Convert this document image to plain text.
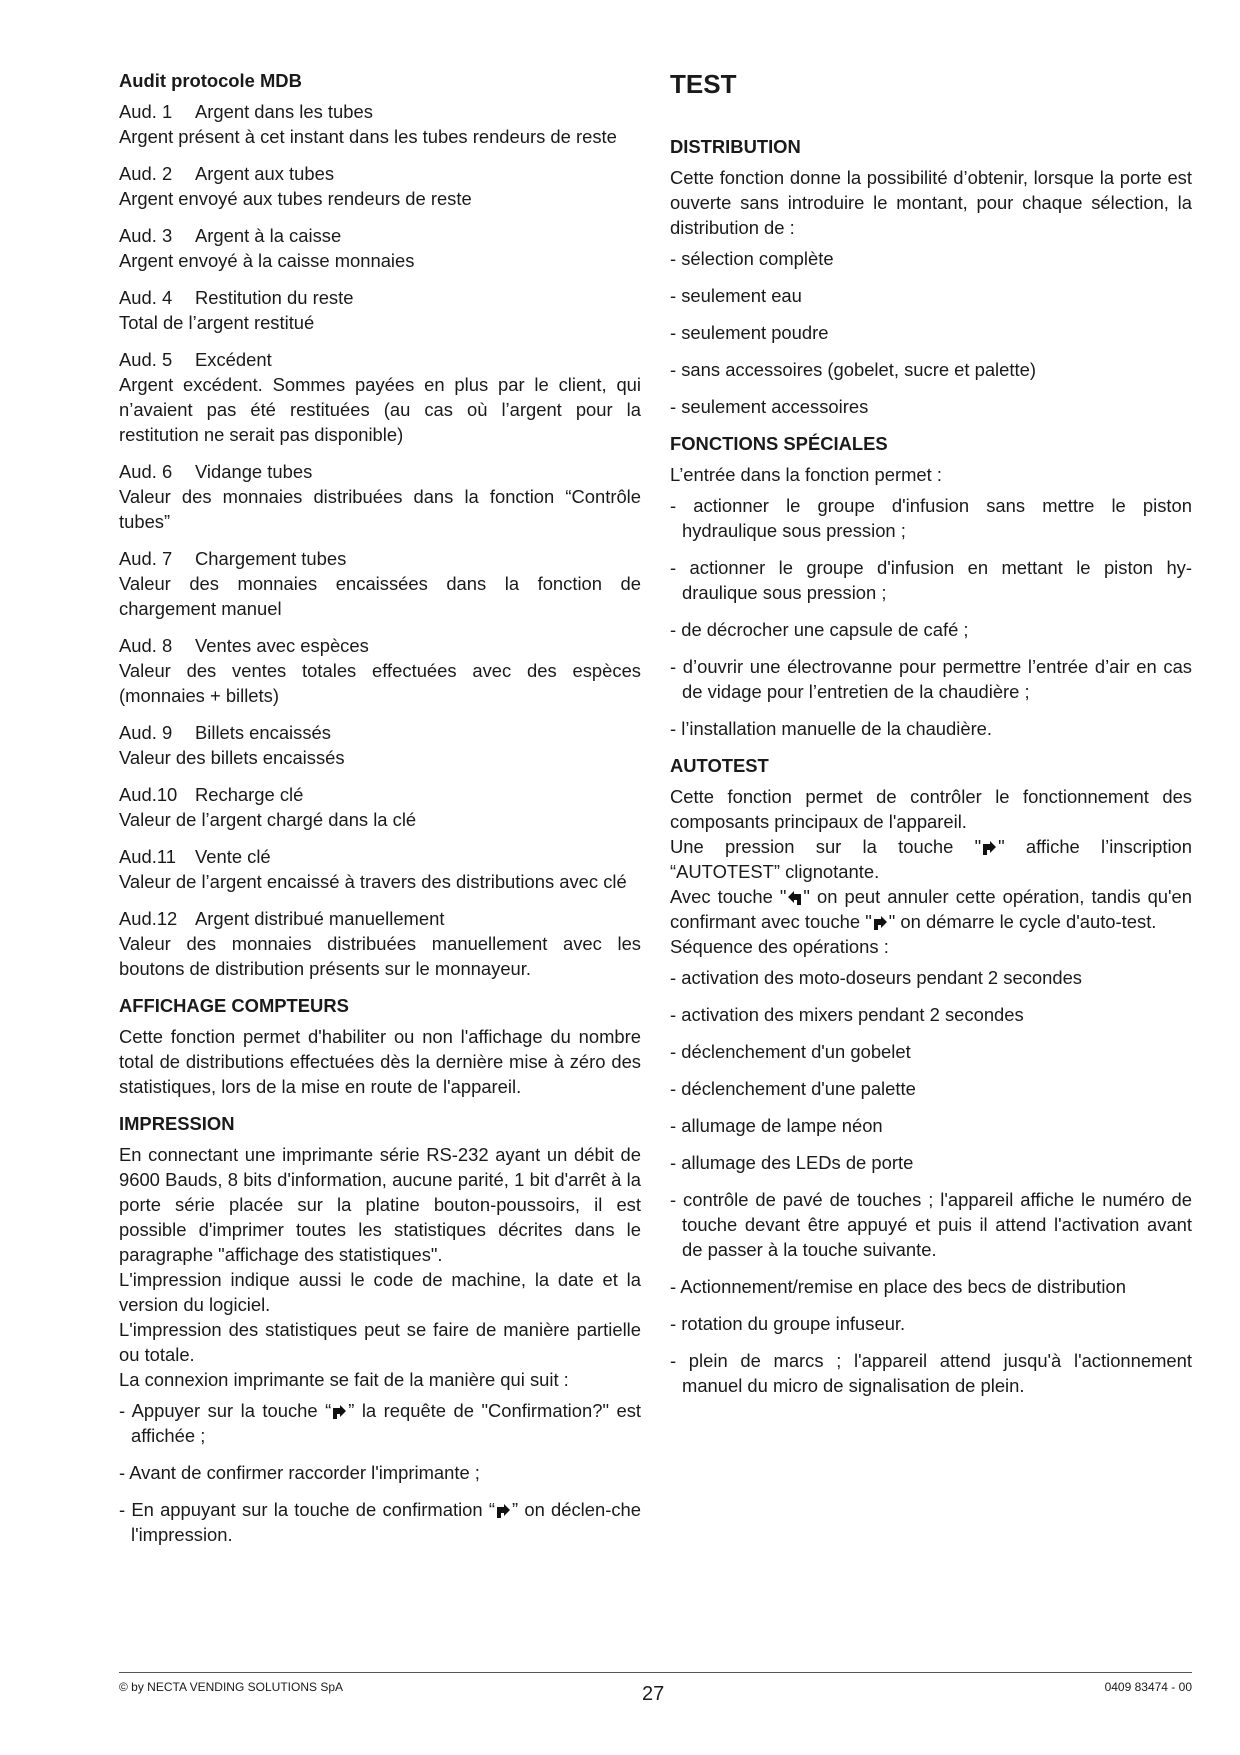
Audit protocole MDB

Aud. 1 Argent dans les tubes
Argent présent à cet instant dans les tubes rendeurs de reste

Aud. 2 Argent aux tubes
Argent envoyé aux tubes rendeurs de reste

Aud. 3 Argent à la caisse
Argent envoyé à la caisse monnaies

Aud. 4 Restitution du reste
Total de l’argent restitué

Aud. 5 Excédent
Argent excédent. Sommes payées en plus par le client, qui n’avaient pas été restituées (au cas où l’argent pour la restitution ne serait pas disponible)

Aud. 6 Vidange tubes
Valeur des monnaies distribuées dans la fonction “Contrôle tubes”

Aud. 7 Chargement tubes
Valeur des monnaies encaissées dans la fonction de chargement manuel

Aud. 8 Ventes avec espèces
Valeur des ventes totales effectuées avec des espèces (monnaies + billets)

Aud. 9 Billets encaissés
Valeur des billets encaissés

Aud.10 Recharge clé
Valeur de l’argent chargé dans la clé

Aud.11 Vente clé
Valeur de l’argent encaissé à travers des distributions avec clé

Aud.12 Argent distribué manuellement
Valeur des monnaies distribuées manuellement avec les boutons de distribution présents sur le monnayeur.

AFFICHAGE COMPTEURS

Cette fonction permet d'habiliter ou non l'affichage du nombre total de distributions effectuées dès la dernière mise à zéro des statistiques, lors de la mise en route de l'appareil.

IMPRESSION

En connectant une imprimante série RS-232 ayant un débit de 9600 Bauds, 8 bits d'information, aucune parité, 1 bit d'arrêt à la porte série placée sur la platine bouton-poussoirs, il est possible d'imprimer toutes les statistiques décrites dans le paragraphe "affichage des statistiques".

L'impression indique aussi le code de machine, la date et la version du logiciel.

L'impression des statistiques peut se faire de manière partielle ou totale.

La connexion imprimante se fait de la manière qui suit :

- Appuyer sur la touche “ ” la requête de "Confirmation?" est affichée ;

- Avant de confirmer raccorder l'imprimante ;

- En appuyant sur la touche de confirmation “ ” on déclen-che l'impression.

TEST
DISTRIBUTION

Cette fonction donne la possibilité d’obtenir, lorsque la porte est ouverte sans introduire le montant, pour chaque sélection, la distribution de :

- sélection complète

- seulement eau

- seulement poudre

- sans accessoires (gobelet, sucre et palette)

- seulement accessoires

FONCTIONS SPÉCIALES

L’entrée dans la fonction permet :

- actionner le groupe d'infusion sans mettre le piston hydraulique sous pression ;

- actionner le groupe d'infusion en mettant le piston hy-draulique sous pression ;

- de décrocher une capsule de café ;

- d’ouvrir une électrovanne pour permettre l’entrée d’air en cas de vidage pour l’entretien de la chaudière ;

- l’installation manuelle de la chaudière.

AUTOTEST

Cette fonction permet de contrôler le fonctionnement des composants principaux de l'appareil.

Une pression sur la touche " " affiche l’inscription “AUTOTEST” clignotante.

Avec touche " " on peut annuler cette opération, tandis qu'en confirmant avec touche " " on démarre le cycle d'auto-test.

Séquence des opérations :

- activation des moto-doseurs pendant 2 secondes

- activation des mixers pendant 2 secondes

- déclenchement d'un gobelet

- déclenchement d'une palette

- allumage de lampe néon

- allumage des LEDs de porte

- contrôle de pavé de touches ; l'appareil affiche le numéro de touche devant être appuyé et puis il attend l'activation avant de passer à la touche suivante.

- Actionnement/remise en place des becs de distribution

- rotation du groupe infuseur.

- plein de marcs ; l'appareil attend jusqu'à l'actionnement manuel du micro de signalisation de plein.

© by NECTA VENDING SOLUTIONS SpA	27	0409 83474 - 00
